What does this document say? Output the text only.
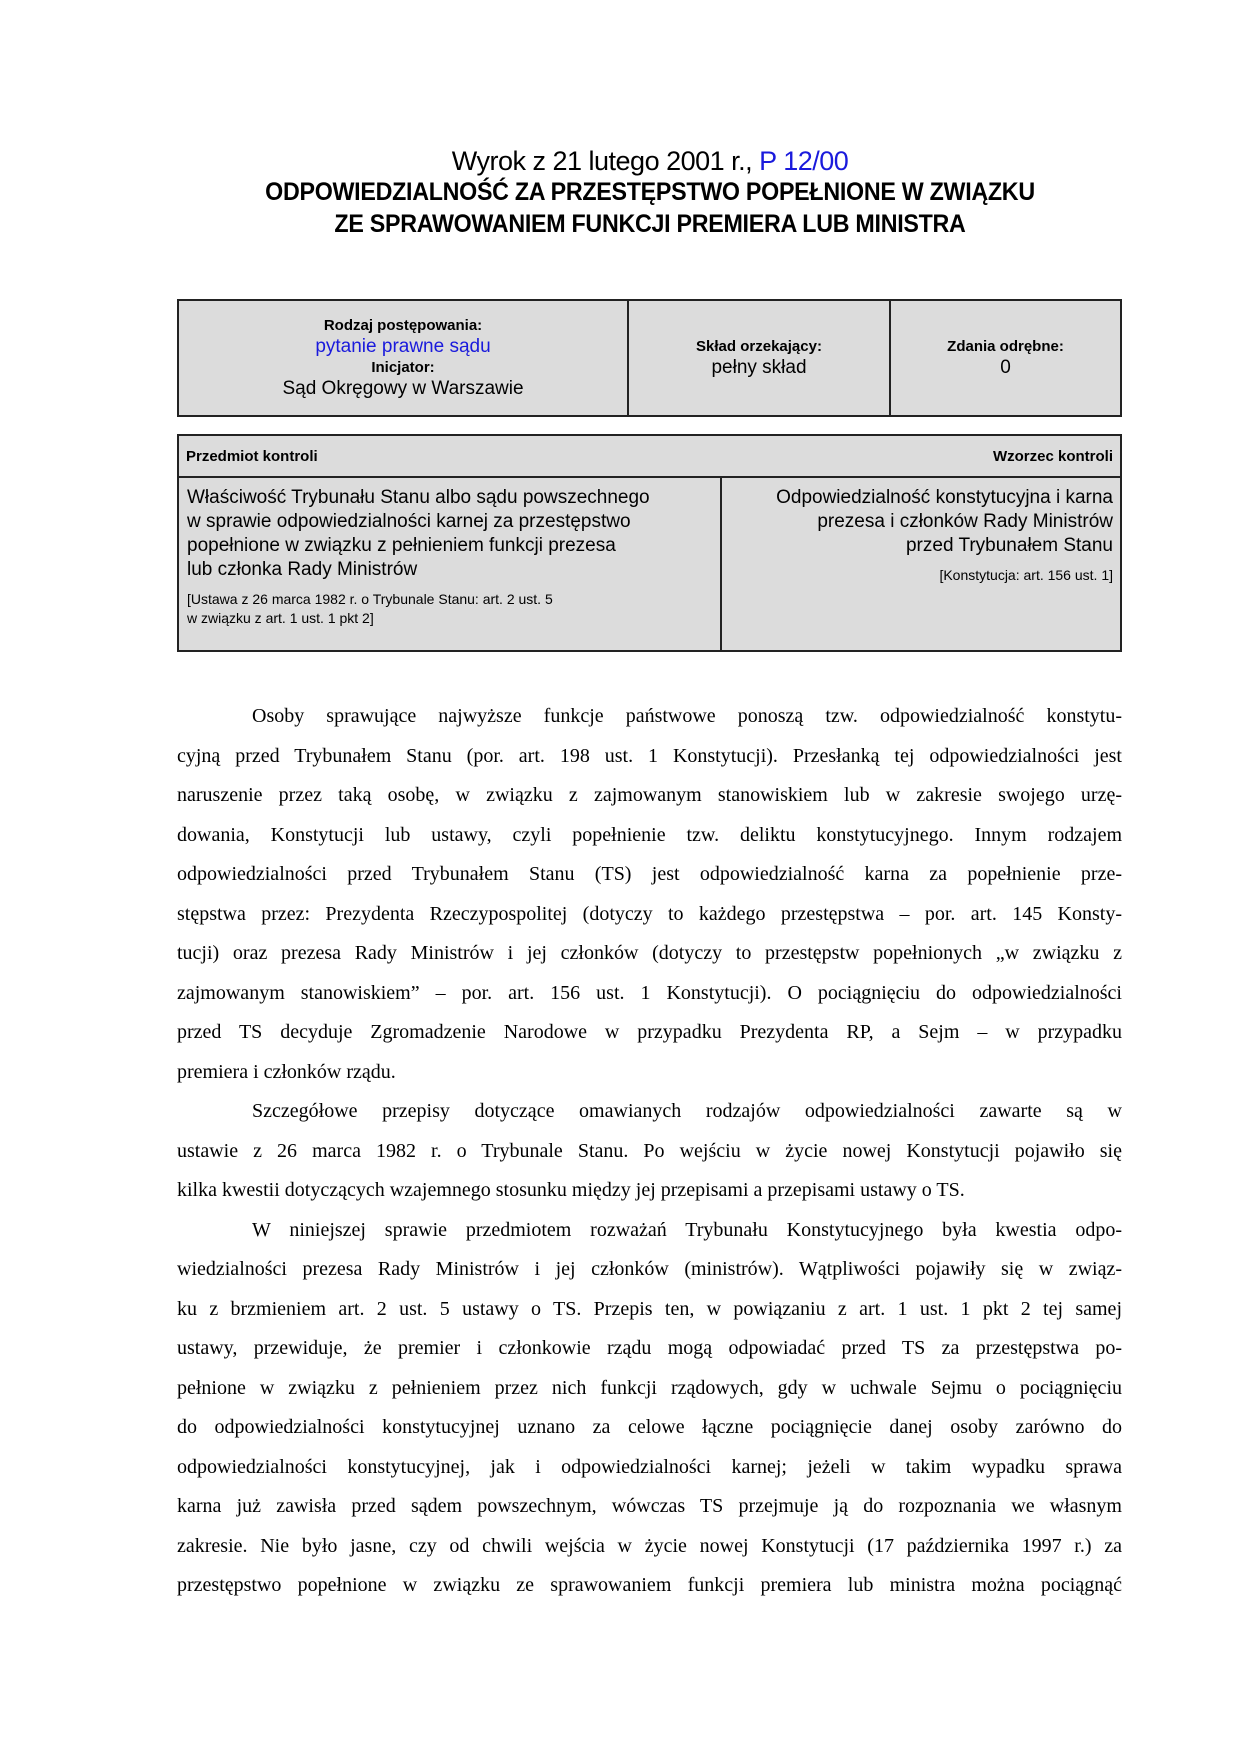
Wyrok z 21 lutego 2001 r., P 12/00
ODPOWIEDZIALNOŚĆ ZA PRZESTĘPSTWO POPEŁNIONE W ZWIĄZKU
ZE SPRAWOWANIEM FUNKCJI PREMIERA LUB MINISTRA
Rodzaj postępowania:
pytanie prawne sądu
Inicjator:
Sąd Okręgowy w Warszawie
Skład orzekający:
pełny skład
Zdania odrębne:
0
Przedmiot kontroli	Wzorzec kontroli
Właściwość Trybunału Stanu albo sądu powszechnego
w sprawie odpowiedzialności karnej za przestępstwo
popełnione w związku z pełnieniem funkcji prezesa
lub członka Rady Ministrów
[Ustawa z 26 marca 1982 r. o Trybunale Stanu: art. 2 ust. 5
w związku z art. 1 ust. 1 pkt 2]
Odpowiedzialność konstytucyjna i karna
prezesa i członków Rady Ministrów
przed Trybunałem Stanu
[Konstytucja: art. 156 ust. 1]
Osoby sprawujące najwyższe funkcje państwowe ponoszą tzw. odpowiedzialność konstytu-
cyjną przed Trybunałem Stanu (por. art. 198 ust. 1 Konstytucji). Przesłanką tej odpowiedzialności jest
naruszenie przez taką osobę, w związku z zajmowanym stanowiskiem lub w zakresie swojego urzę-
dowania, Konstytucji lub ustawy, czyli popełnienie tzw. deliktu konstytucyjnego. Innym rodzajem
odpowiedzialności przed Trybunałem Stanu (TS) jest odpowiedzialność karna za popełnienie prze-
stępstwa przez: Prezydenta Rzeczypospolitej (dotyczy to każdego przestępstwa – por. art. 145 Konsty-
tucji) oraz prezesa Rady Ministrów i jej członków (dotyczy to przestępstw popełnionych „w związku z
zajmowanym stanowiskiem” – por. art. 156 ust. 1 Konstytucji). O pociągnięciu do odpowiedzialności
przed TS decyduje Zgromadzenie Narodowe w przypadku Prezydenta RP, a Sejm – w przypadku
premiera i członków rządu.
Szczegółowe przepisy dotyczące omawianych rodzajów odpowiedzialności zawarte są w
ustawie z 26 marca 1982 r. o Trybunale Stanu. Po wejściu w życie nowej Konstytucji pojawiło się
kilka kwestii dotyczących wzajemnego stosunku między jej przepisami a przepisami ustawy o TS.
W niniejszej sprawie przedmiotem rozważań Trybunału Konstytucyjnego była kwestia odpo-
wiedzialności prezesa Rady Ministrów i jej członków (ministrów). Wątpliwości pojawiły się w związ-
ku z brzmieniem art. 2 ust. 5 ustawy o TS. Przepis ten, w powiązaniu z art. 1 ust. 1 pkt 2 tej samej
ustawy, przewiduje, że premier i członkowie rządu mogą odpowiadać przed TS za przestępstwa po-
pełnione w związku z pełnieniem przez nich funkcji rządowych, gdy w uchwale Sejmu o pociągnięciu
do odpowiedzialności konstytucyjnej uznano za celowe łączne pociągnięcie danej osoby zarówno do
odpowiedzialności konstytucyjnej, jak i odpowiedzialności karnej; jeżeli w takim wypadku sprawa
karna już zawisła przed sądem powszechnym, wówczas TS przejmuje ją do rozpoznania we własnym
zakresie. Nie było jasne, czy od chwili wejścia w życie nowej Konstytucji (17 października 1997 r.) za
przestępstwo popełnione w związku ze sprawowaniem funkcji premiera lub ministra można pociągnąć
